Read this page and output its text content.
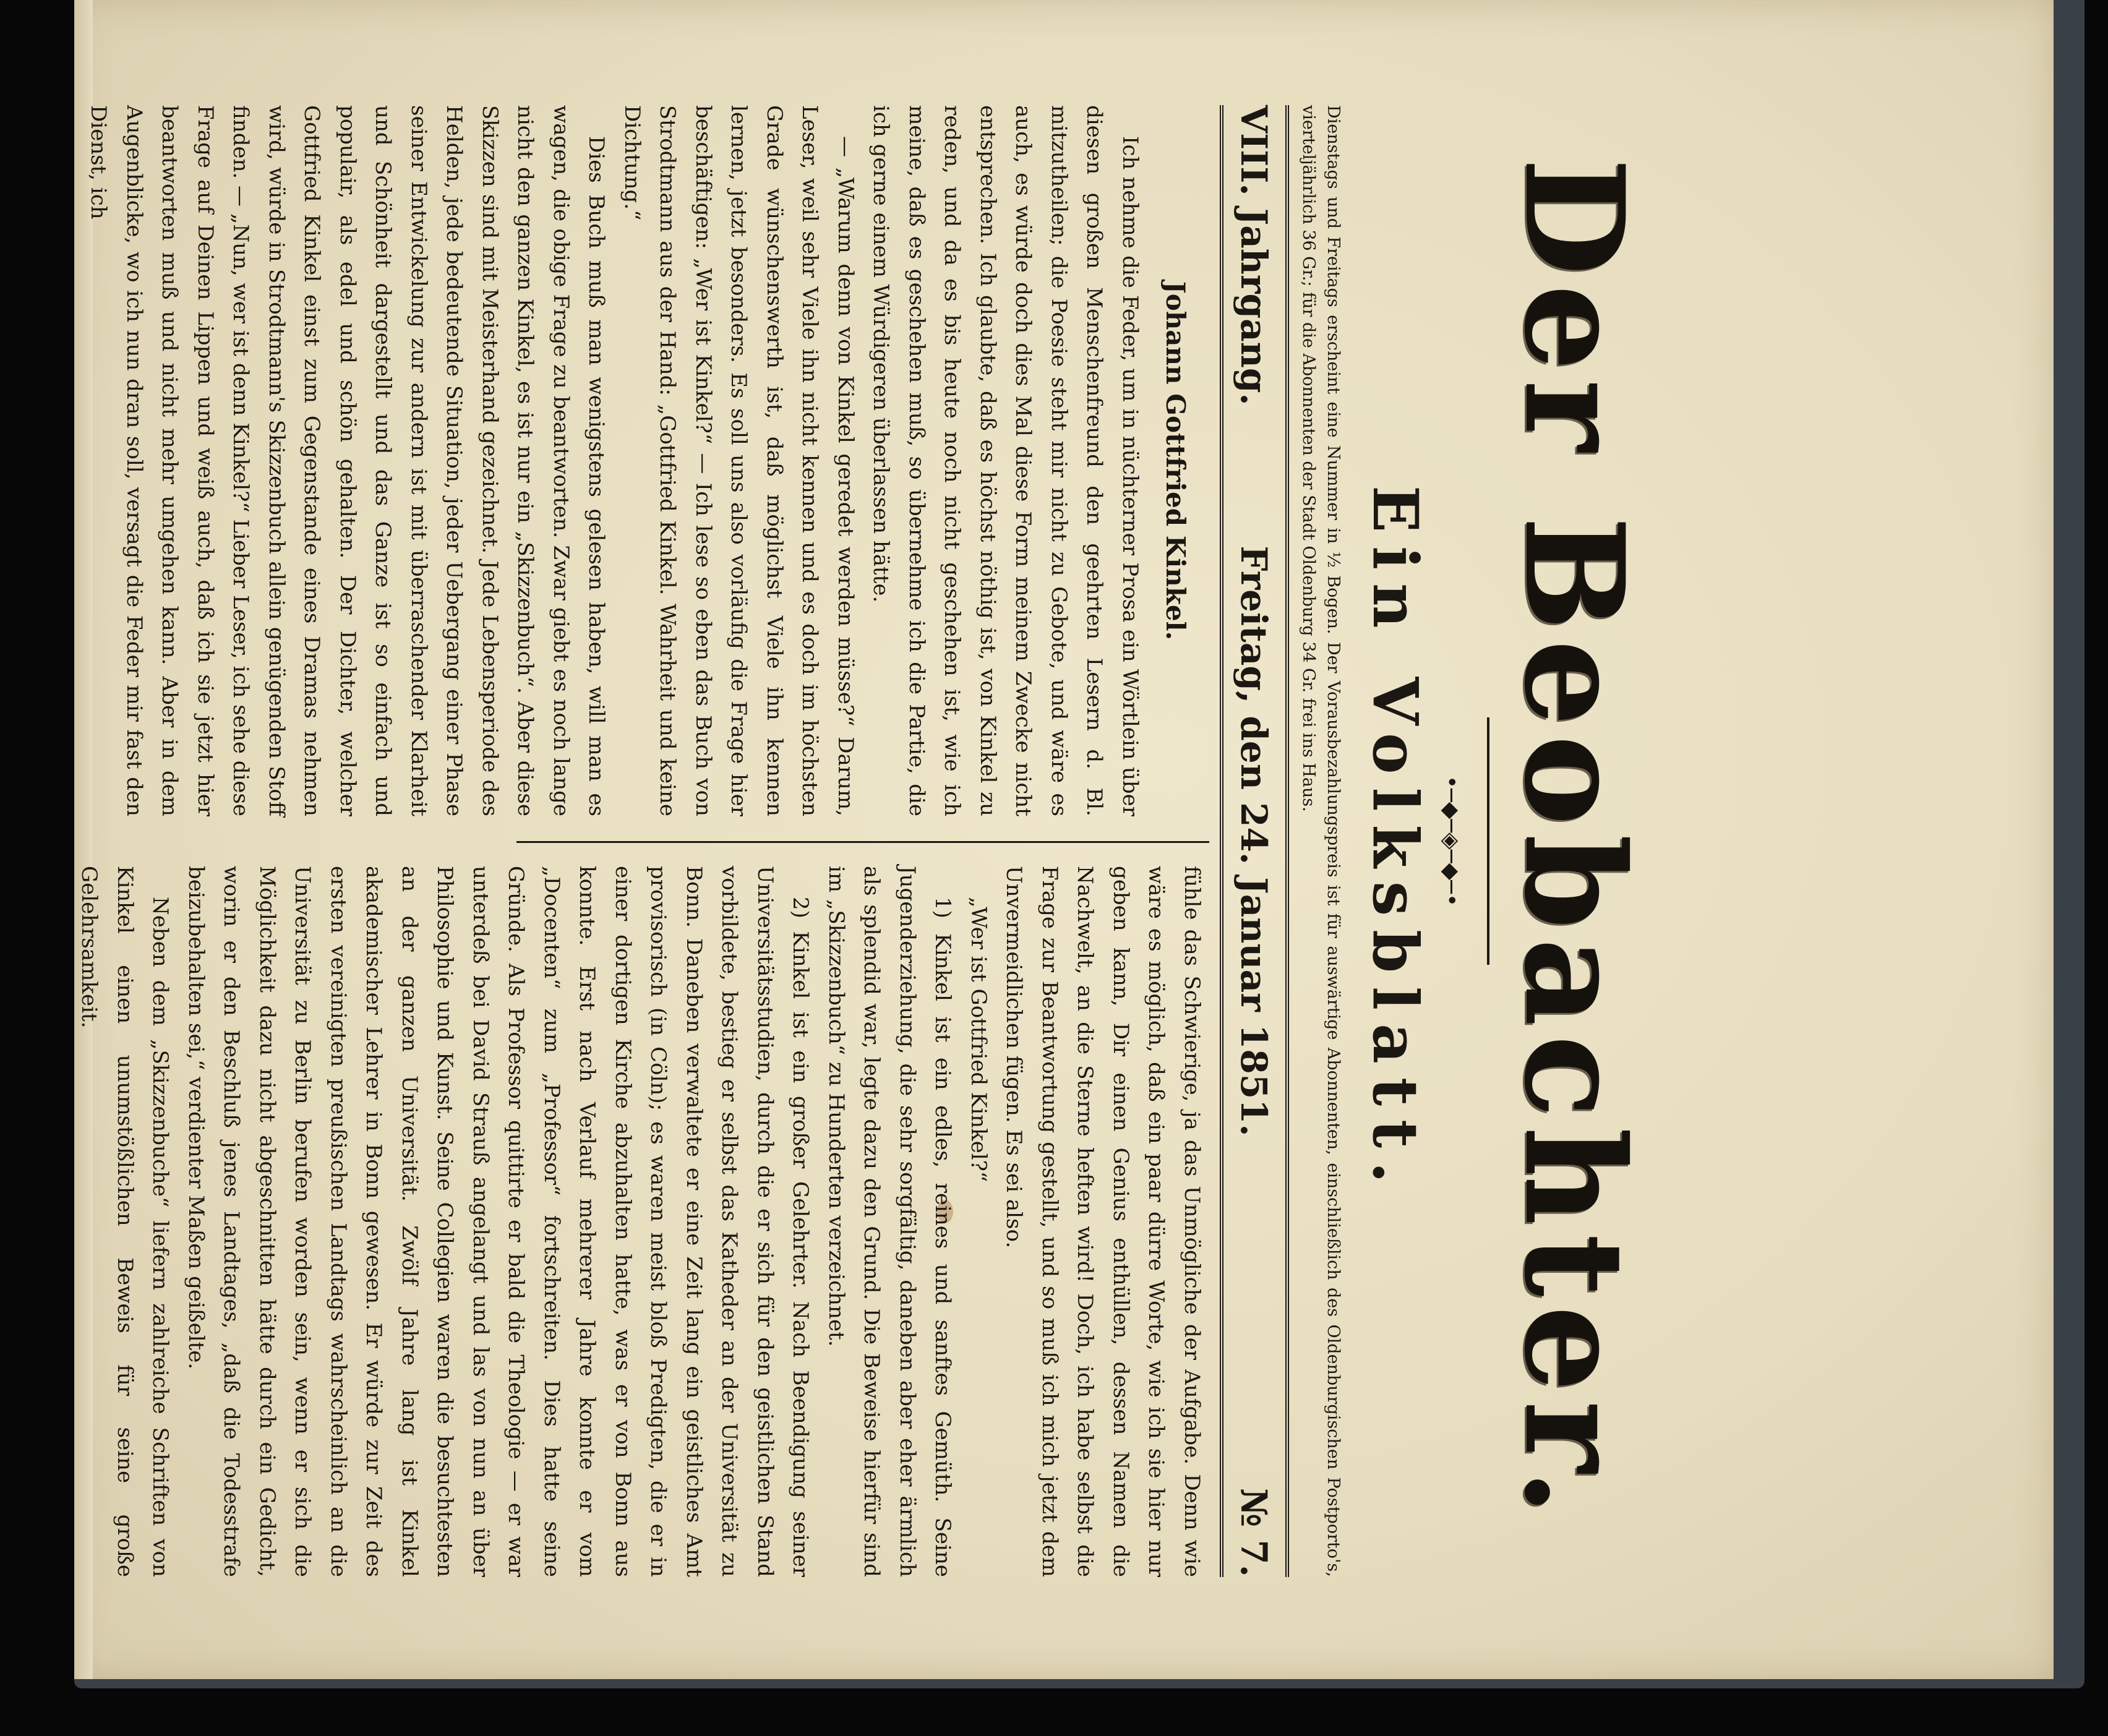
Der Beobachter.
•─◆─◈─◆─•
Ein Volksblatt.
Dienstags und Freitags erscheint eine Nummer in ½ Bogen. Der Vorausbezahlungspreis ist für auswärtige Abonnenten, einschließlich des Oldenburgischen Postporto's, vierteljährlich 36 Gr.; für die Abonnenten der Stadt Oldenburg 34 Gr. frei ins Haus.
VIII. Jahrgang.
Freitag, den 24. Januar 1851.
№ 7.
Johann Gottfried Kinkel.

Ich nehme die Feder, um in nüchterner Prosa ein Wörtlein über diesen großen Menschenfreund den geehrten Lesern d. Bl. mitzutheilen; die Poesie steht mir nicht zu Gebote, und wäre es auch, es würde doch dies Mal diese Form meinem Zwecke nicht entsprechen. Ich glaubte, daß es höchst nöthig ist, von Kinkel zu reden, und da es bis heute noch nicht geschehen ist, wie ich meine, daß es geschehen muß, so übernehme ich die Partie, die ich gerne einem Würdigeren überlassen hätte.

— „Warum denn von Kinkel geredet werden müsse?“ Darum, Leser, weil sehr Viele ihn nicht kennen und es doch im höchsten Grade wünschenswerth ist, daß möglichst Viele ihn kennen lernen, jetzt besonders. Es soll uns also vorläufig die Frage hier beschäftigen: „Wer ist Kinkel?“ — Ich lese so eben das Buch von Strodtmann aus der Hand: „Gottfried Kinkel. Wahrheit und keine Dichtung.“

Dies Buch muß man wenigstens gelesen haben, will man es wagen, die obige Frage zu beantworten. Zwar giebt es noch lange nicht den ganzen Kinkel, es ist nur ein „Skizzenbuch“. Aber diese Skizzen sind mit Meisterhand gezeichnet. Jede Lebensperiode des Helden, jede bedeutende Situation, jeder Uebergang einer Phase seiner Entwickelung zur andern ist mit überraschender Klarheit und Schönheit dargestellt und das Ganze ist so einfach und populair, als edel und schön gehalten. Der Dichter, welcher Gottfried Kinkel einst zum Gegenstande eines Dramas nehmen wird, würde in Strodtmann's Skizzenbuch allein genügenden Stoff finden. — „Nun, wer ist denn Kinkel?“ Lieber Leser, ich sehe diese Frage auf Deinen Lippen und weiß auch, daß ich sie jetzt hier beantworten muß und nicht mehr umgehen kann. Aber in dem Augenblicke, wo ich nun dran soll, versagt die Feder mir fast den Dienst, ich

fühle das Schwierige, ja das Unmögliche der Aufgabe. Denn wie wäre es möglich, daß ein paar dürre Worte, wie ich sie hier nur geben kann, Dir einen Genius enthüllen, dessen Namen die Nachwelt, an die Sterne heften wird! Doch, ich habe selbst die Frage zur Beantwortung gestellt, und so muß ich mich jetzt dem Unvermeidlichen fügen. Es sei also.

„Wer ist Gottfried Kinkel?“

1) Kinkel ist ein edles, reines und sanftes Gemüth. Seine Jugenderziehung, die sehr sorgfältig, daneben aber eher ärmlich als splendid war, legte dazu den Grund. Die Beweise hierfür sind im „Skizzenbuch“ zu Hunderten verzeichnet.

2) Kinkel ist ein großer Gelehrter. Nach Beendigung seiner Universitätsstudien, durch die er sich für den geistlichen Stand vorbildete, bestieg er selbst das Katheder an der Universität zu Bonn. Daneben verwaltete er eine Zeit lang ein geistliches Amt provisorisch (in Cöln); es waren meist bloß Predigten, die er in einer dortigen Kirche abzuhalten hatte, was er von Bonn aus konnte. Erst nach Verlauf mehrerer Jahre konnte er vom „Docenten“ zum „Professor“ fortschreiten. Dies hatte seine Gründe. Als Professor quittirte er bald die Theologie — er war unterdeß bei David Strauß angelangt und las von nun an über Philosophie und Kunst. Seine Collegien waren die besuchtesten an der ganzen Universität. Zwölf Jahre lang ist Kinkel akademischer Lehrer in Bonn gewesen. Er würde zur Zeit des ersten vereinigten preußischen Landtags wahrscheinlich an die Universität zu Berlin berufen worden sein, wenn er sich die Möglichkeit dazu nicht abgeschnitten hätte durch ein Gedicht, worin er den Beschluß jenes Landtages, „daß die Todesstrafe beizubehalten sei,“ verdienter Maßen geißelte.

Neben dem „Skizzenbuche“ liefern zahlreiche Schriften von Kinkel einen unumstößlichen Beweis für seine große Gelehrsamkeit.
